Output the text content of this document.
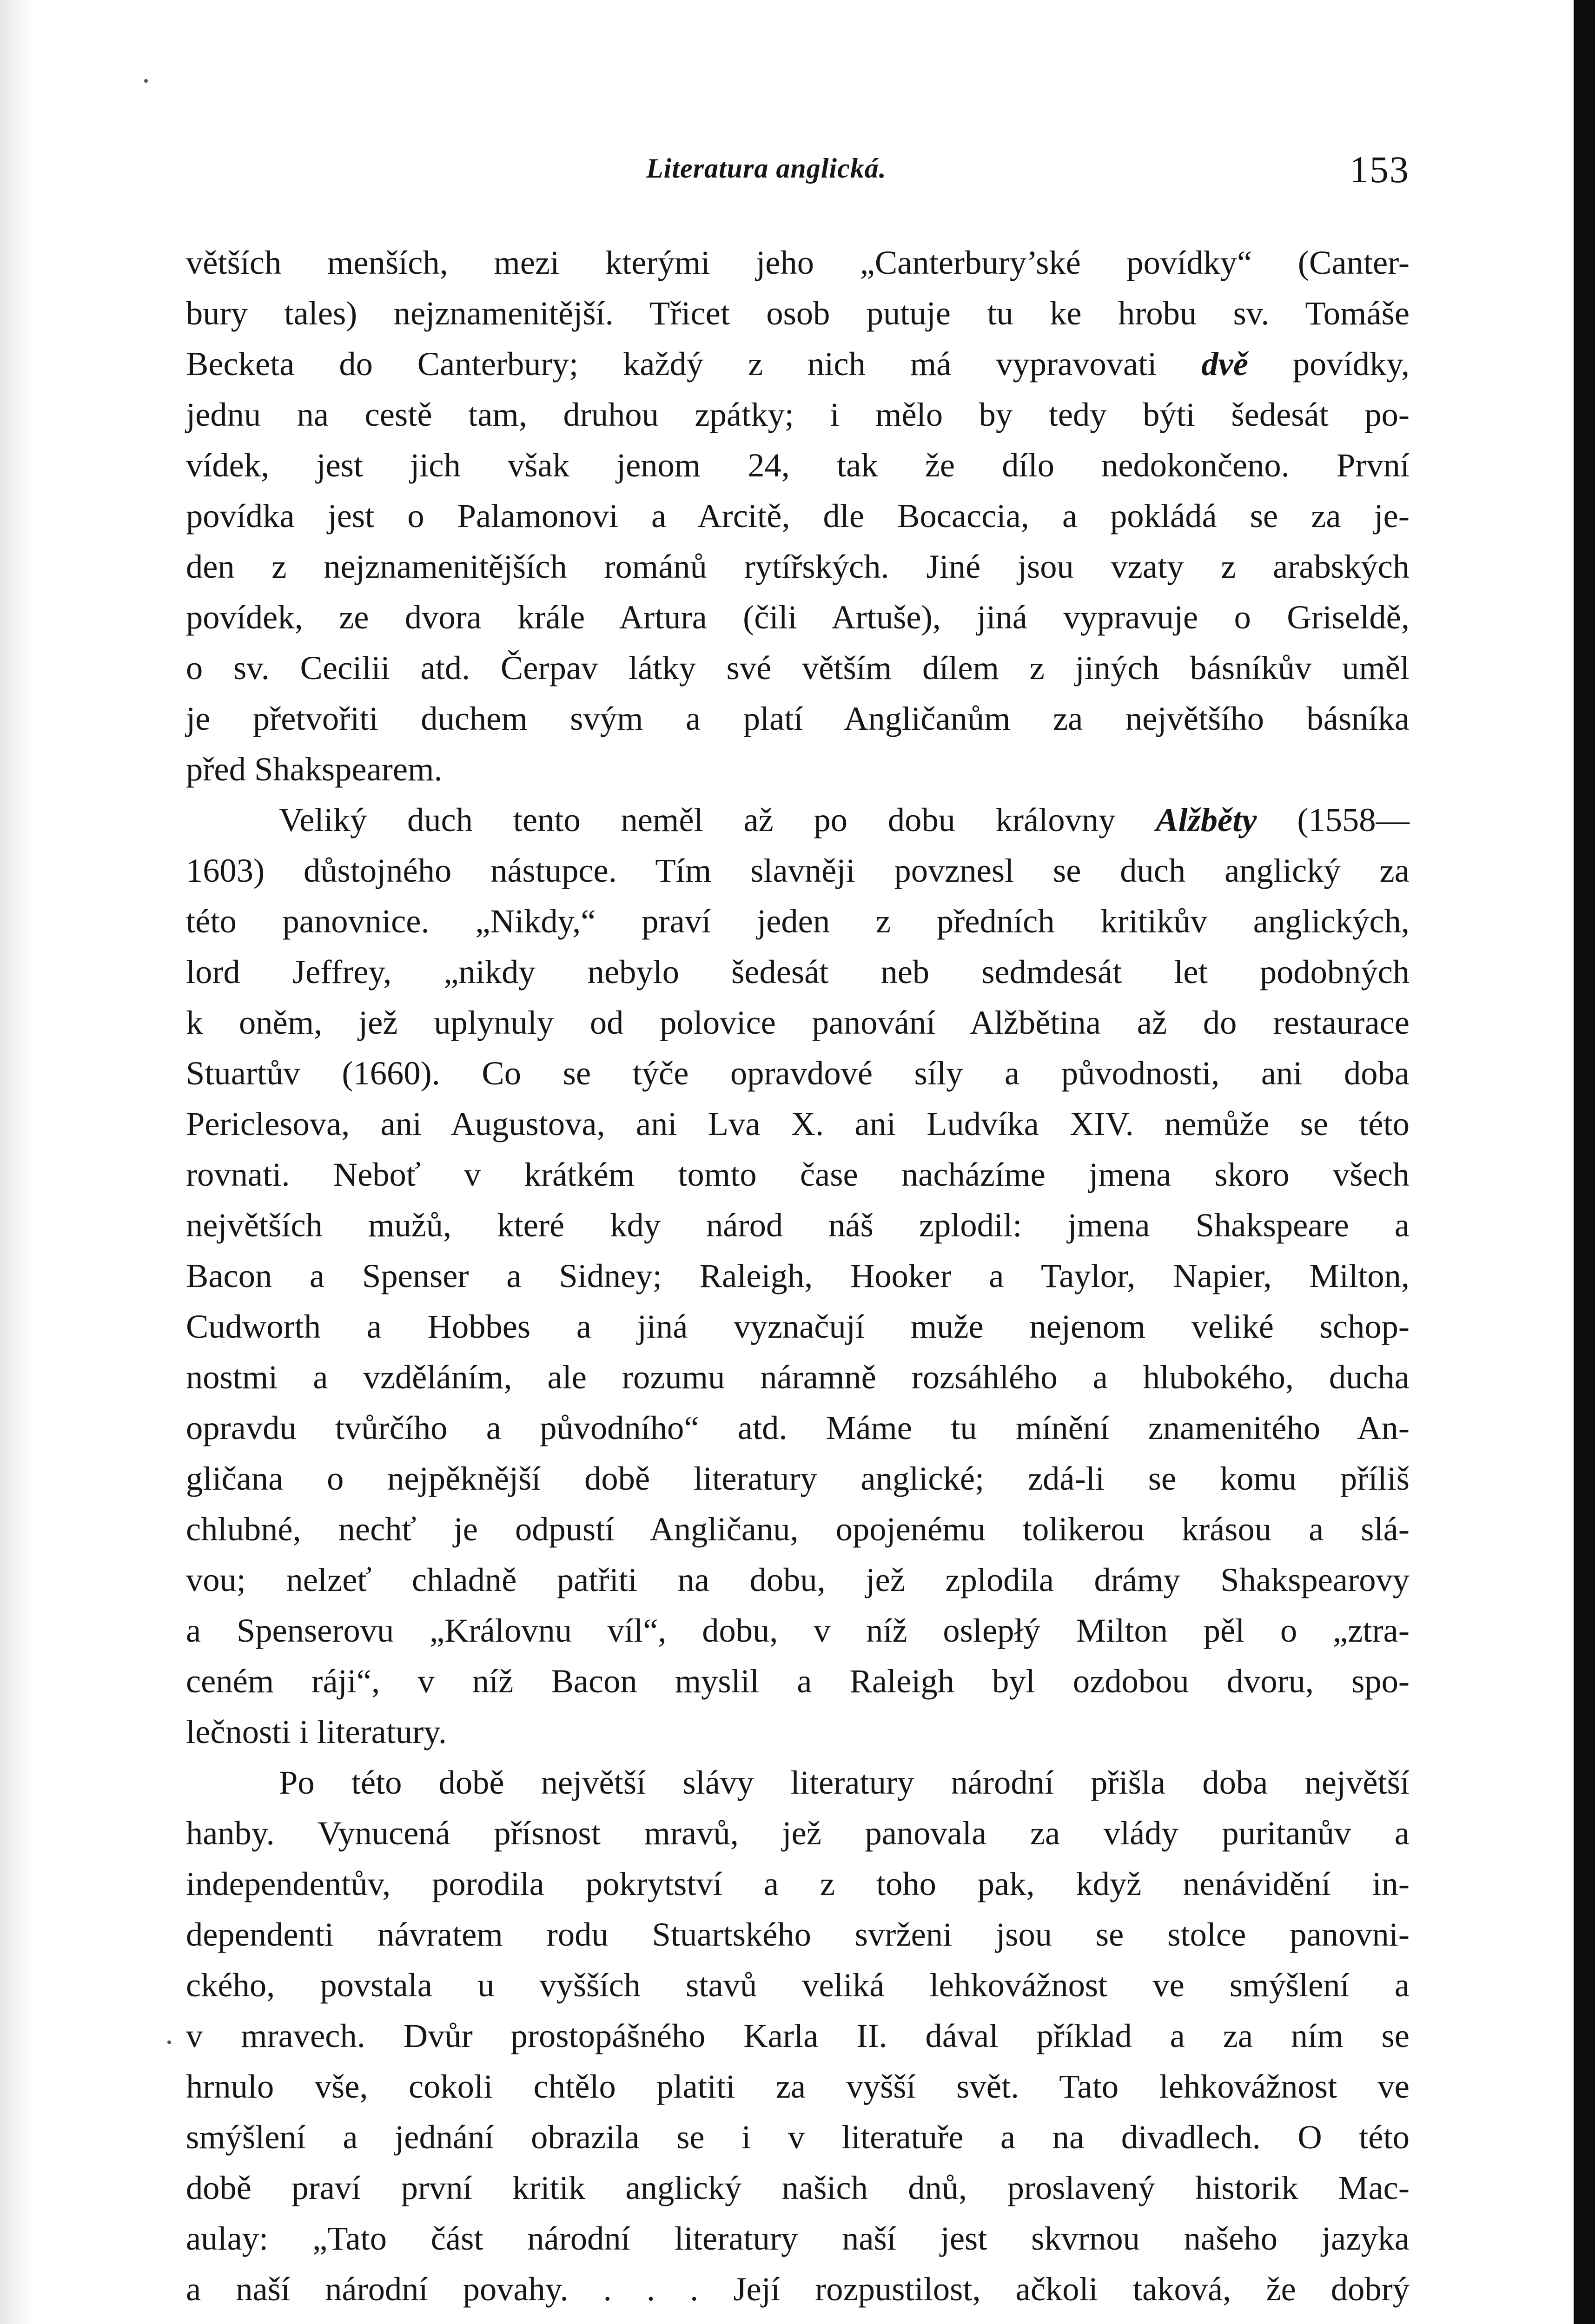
Literatura anglická.	153
větších menších, mezi kterými jeho „Canterbury’ské povídky“ (Canter-
bury tales) nejznamenitější. Třicet osob putuje tu ke hrobu sv. Tomáše
Becketa do Canterbury; každý z nich má vypravovati dvě povídky,
jednu na cestě tam, druhou zpátky; i mělo by tedy býti šedesát po-
vídek, jest jich však jenom 24, tak že dílo nedokončeno. První
povídka jest o Palamonovi a Arcitě, dle Bocaccia, a pokládá se za je-
den z nejznamenitějších románů rytířských. Jiné jsou vzaty z arabských
povídek, ze dvora krále Artura (čili Artuše), jiná vypravuje o Griseldě,
o sv. Cecilii atd. Čerpav látky své větším dílem z jiných básníkův uměl
je přetvořiti duchem svým a platí Angličanům za největšího básníka
před Shakspearem.
Veliký duch tento neměl až po dobu královny Alžběty (1558—
1603) důstojného nástupce. Tím slavněji povznesl se duch anglický za
této panovnice. „Nikdy,“ praví jeden z předních kritikův anglických,
lord Jeffrey, „nikdy nebylo šedesát neb sedmdesát let podobných
k oněm, jež uplynuly od polovice panování Alžbětina až do restaurace
Stuartův (1660). Co se týče opravdové síly a původnosti, ani doba
Periclesova, ani Augustova, ani Lva X. ani Ludvíka XIV. nemůže se této
rovnati. Neboť v krátkém tomto čase nacházíme jmena skoro všech
největších mužů, které kdy národ náš zplodil: jmena Shakspeare a
Bacon a Spenser a Sidney; Raleigh, Hooker a Taylor, Napier, Milton,
Cudworth a Hobbes a jiná vyznačují muže nejenom veliké schop-
nostmi a vzděláním, ale rozumu náramně rozsáhlého a hlubokého, ducha
opravdu tvůrčího a původního“ atd. Máme tu mínění znamenitého An-
gličana o nejpěknější době literatury anglické; zdá-li se komu příliš
chlubné, nechť je odpustí Angličanu, opojenému tolikerou krásou a slá-
vou; nelzeť chladně patřiti na dobu, jež zplodila drámy Shakspearovy
a Spenserovu „Královnu víl“, dobu, v níž oslepłý Milton pěl o „ztra-
ceném ráji“, v níž Bacon myslil a Raleigh byl ozdobou dvoru, spo-
lečnosti i literatury.
Po této době největší slávy literatury národní přišla doba největší
hanby. Vynucená přísnost mravů, jež panovala za vlády puritanův a
independentův, porodila pokrytství a z toho pak, když nenávidění in-
dependenti návratem rodu Stuartského svrženi jsou se stolce panovni-
ckého, povstala u vyšších stavů veliká lehkovážnost ve smýšlení a
v mravech. Dvůr prostopášného Karla II. dával příklad a za ním se
hrnulo vše, cokoli chtělo platiti za vyšší svět. Tato lehkovážnost ve
smýšlení a jednání obrazila se i v literatuře a na divadlech. O této
době praví první kritik anglický našich dnů, proslavený historik Mac-
aulay: „Tato část národní literatury naší jest skvrnou našeho jazyka
a naší národní povahy. . . . Její rozpustilost, ačkoli taková, že dobrý
